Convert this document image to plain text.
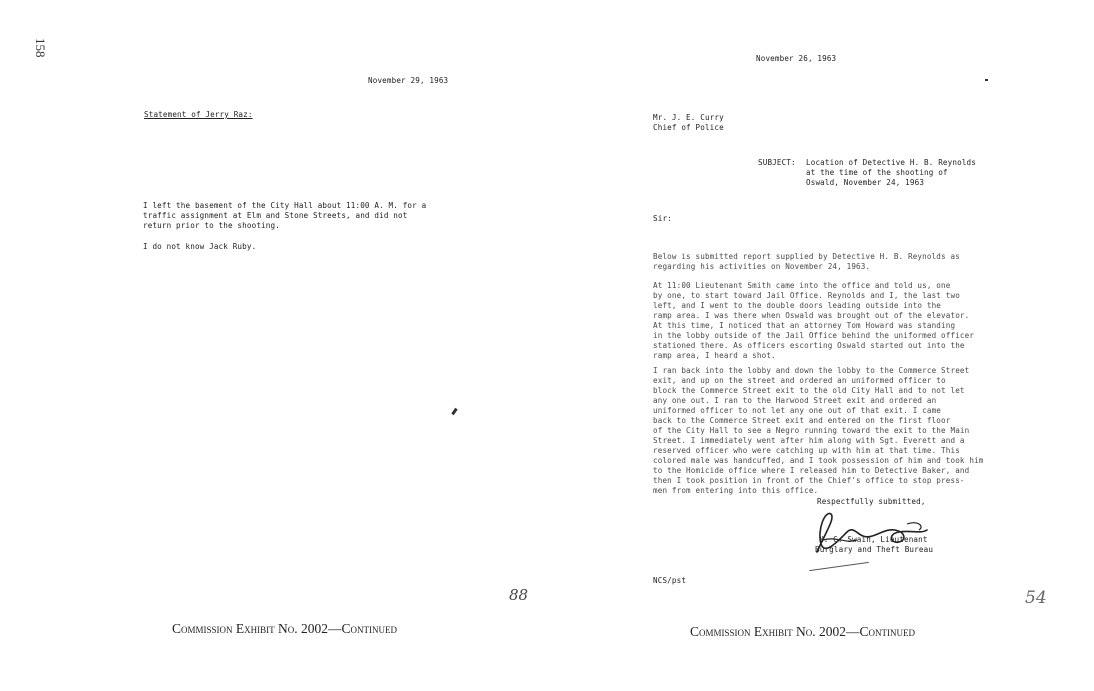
158
November 29, 1963
Statement of Jerry Raz:
I left the basement of the City Hall about 11:00 A. M. for a
traffic assignment at Elm and Stone Streets, and did not
return prior to the shooting.
I do not know Jack Ruby.
88
Commission Exhibit No. 2002—Continued
November 26, 1963
Mr. J. E. Curry
Chief of Police
SUBJECT: Location of Detective H. B. Reynolds
at the time of the shooting of
Oswald, November 24, 1963
Sir:
Below is submitted report supplied by Detective H. B. Reynolds as
regarding his activities on November 24, 1963.
At 11:00 Lieutenant Smith came into the office and told us, one
by one, to start toward Jail Office. Reynolds and I, the last two
left, and I went to the double doors leading outside into the
ramp area. I was there when Oswald was brought out of the elevator.
At this time, I noticed that an attorney Tom Howard was standing
in the lobby outside of the Jail Office behind the uniformed officer
stationed there. As officers escorting Oswald started out into the
ramp area, I heard a shot.
I ran back into the lobby and down the lobby to the Commerce Street
exit, and up on the street and ordered an uniformed officer to
block the Commerce Street exit to the old City Hall and to not let
any one out. I ran to the Harwood Street exit and ordered an
uniformed officer to not let any one out of that exit. I came
back to the Commerce Street exit and entered on the first floor
of the City Hall to see a Negro running toward the exit to the Main
Street. I immediately went after him along with Sgt. Everett and a
reserved officer who were catching up with him at that time. This
colored male was handcuffed, and I took possession of him and took him
to the Homicide office where I released him to Detective Baker, and
then I took position in front of the Chief's office to stop press-
men from entering into this office.
Respectfully submitted,
N. C. Swain, Lieutenant
Burglary and Theft Bureau
NCS/pst
54
Commission Exhibit No. 2002—Continued
